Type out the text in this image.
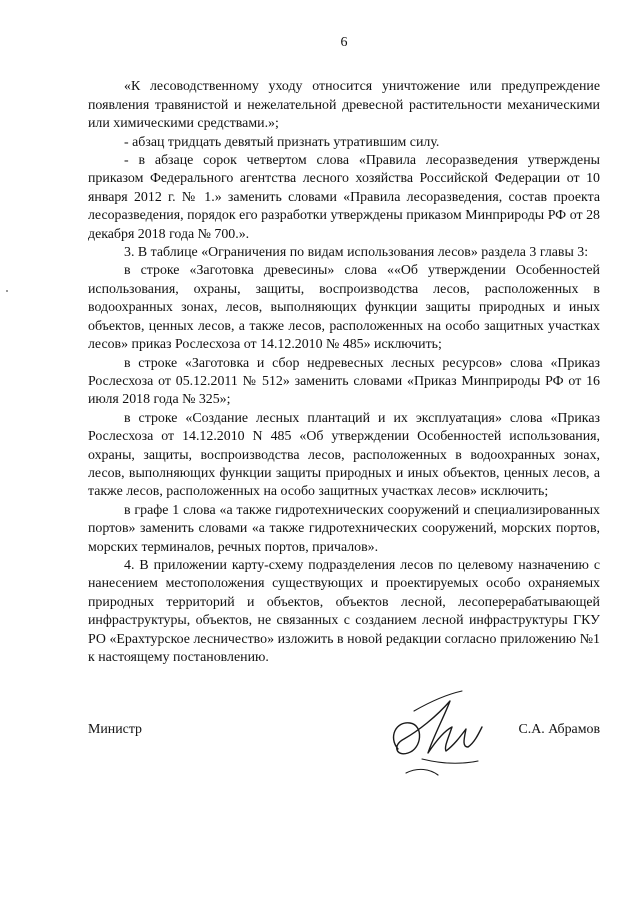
6

«К лесоводственному уходу относится уничтожение или предупреждение появления травянистой и нежелательной древесной растительности механическими или химическими средствами.»;

- абзац тридцать девятый признать утратившим силу.

- в абзаце сорок четвертом слова «Правила лесоразведения утверждены приказом Федерального агентства лесного хозяйства Российской Федерации от 10 января 2012 г. № 1.» заменить словами «Правила лесоразведения, состав проекта лесоразведения, порядок его разработки утверждены приказом Минприроды РФ от 28 декабря 2018 года № 700.».

3. В таблице «Ограничения по видам использования лесов» раздела 3 главы 3:

в строке «Заготовка древесины» слова ««Об утверждении Особенностей использования, охраны, защиты, воспроизводства лесов, расположенных в водоохранных зонах, лесов, выполняющих функции защиты природных и иных объектов, ценных лесов, а также лесов, расположенных на особо защитных участках лесов» приказ Рослесхоза от 14.12.2010 № 485» исключить;

в строке «Заготовка и сбор недревесных лесных ресурсов» слова «Приказ Рослесхоза от 05.12.2011 № 512» заменить словами «Приказ Минприроды РФ от 16 июля 2018 года № 325»;

в строке «Создание лесных плантаций и их эксплуатация» слова «Приказ Рослесхоза от 14.12.2010 N 485 «Об утверждении Особенностей использования, охраны, защиты, воспроизводства лесов, расположенных в водоохранных зонах, лесов, выполняющих функции защиты природных и иных объектов, ценных лесов, а также лесов, расположенных на особо защитных участках лесов» исключить;

в графе 1 слова «а также гидротехнических сооружений и специализированных портов» заменить словами «а также гидротехнических сооружений, морских портов, морских терминалов, речных портов, причалов».

4. В приложении карту-схему подразделения лесов по целевому назначению с нанесением местоположения существующих и проектируемых особо охраняемых природных территорий и объектов, объектов лесной, лесоперерабатывающей инфраструктуры, объектов, не связанных с созданием лесной инфраструктуры ГКУ РО «Ерахтурское лесничество» изложить в новой редакции согласно приложению №1 к настоящему постановлению.

Министр	С.А. Абрамов
